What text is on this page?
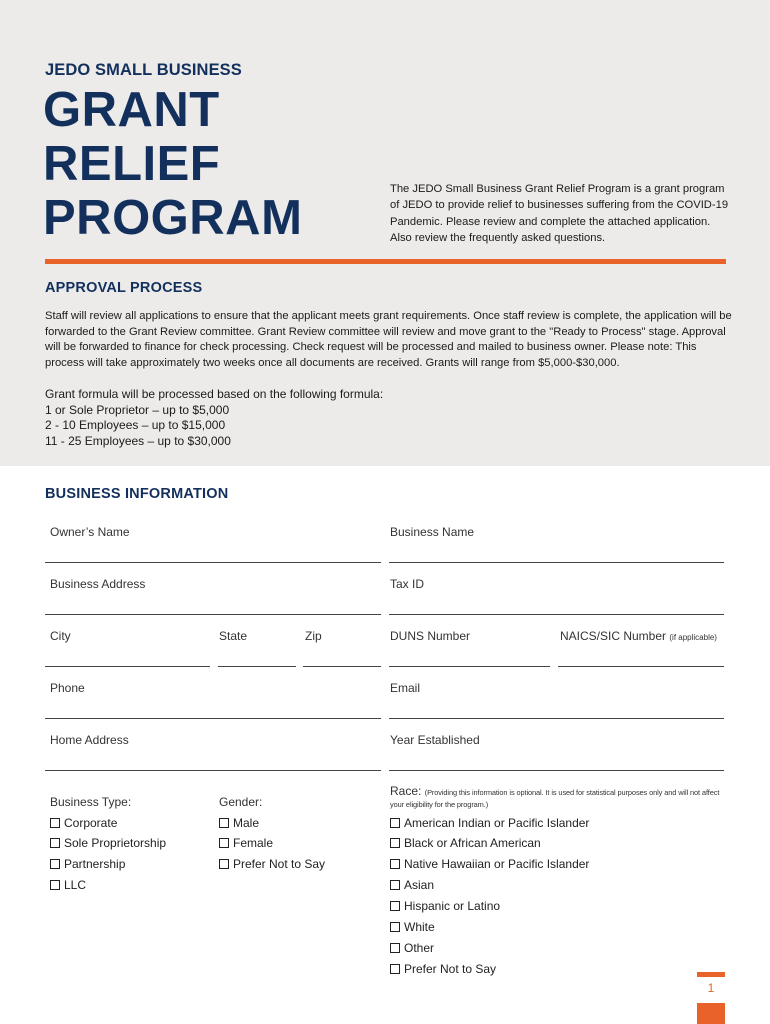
JEDO SMALL BUSINESS
GRANT
RELIEF
PROGRAM
The JEDO Small Business Grant Relief Program is a grant program of JEDO to provide relief to businesses suffering from the COVID-19 Pandemic. Please review and complete the attached application. Also review the frequently asked questions.
APPROVAL PROCESS
Staff will review all applications to ensure that the applicant meets grant requirements. Once staff review is complete, the application will be forwarded to the Grant Review committee. Grant Review committee will review and move grant to the "Ready to Process" stage. Approval will be forwarded to finance for check processing. Check request will be processed and mailed to business owner. Please note: This process will take approximately two weeks once all documents are received. Grants will range from $5,000-$30,000.
Grant formula will be processed based on the following formula:
1 or Sole Proprietor – up to $5,000
2 - 10 Employees – up to $15,000
11 - 25 Employees – up to $30,000
BUSINESS INFORMATION
Owner’s Name	Business Name
Business Address	Tax ID
City	State	Zip	DUNS Number	NAICS/SIC Number (if applicable)
Phone	Email
Home Address	Year Established
Business Type:
Corporate
Sole Proprietorship
Partnership
LLC
Gender:
Male
Female
Prefer Not to Say
Race: (Providing this information is optional. It is used for statistical purposes only and will not affect your eligibility for the program.)
American Indian or Pacific Islander
Black or African American
Native Hawaiian or Pacific Islander
Asian
Hispanic or Latino
White
Other
Prefer Not to Say
1
